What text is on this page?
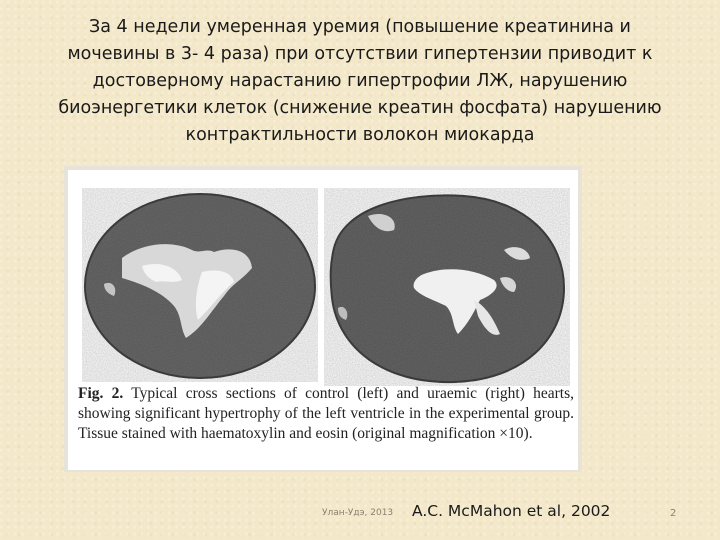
За 4 недели умеренная уремия (повышение креатинина и
мочевины в 3- 4 раза) при отсутствии гипертензии приводит к
достоверному нарастанию гипертрофии ЛЖ, нарушению
биоэнергетики клеток (снижение креатин фосфата) нарушению
контрактильности волокон миокарда
Fig. 2. Typical cross sections of control (left) and uraemic (right) hearts, showing significant hypertrophy of the left ventricle in the experimental group. Tissue stained with haematoxylin and eosin (original magnification ×10).
Улан-Удэ, 2013 A.C. McMahon et al, 2002	2
